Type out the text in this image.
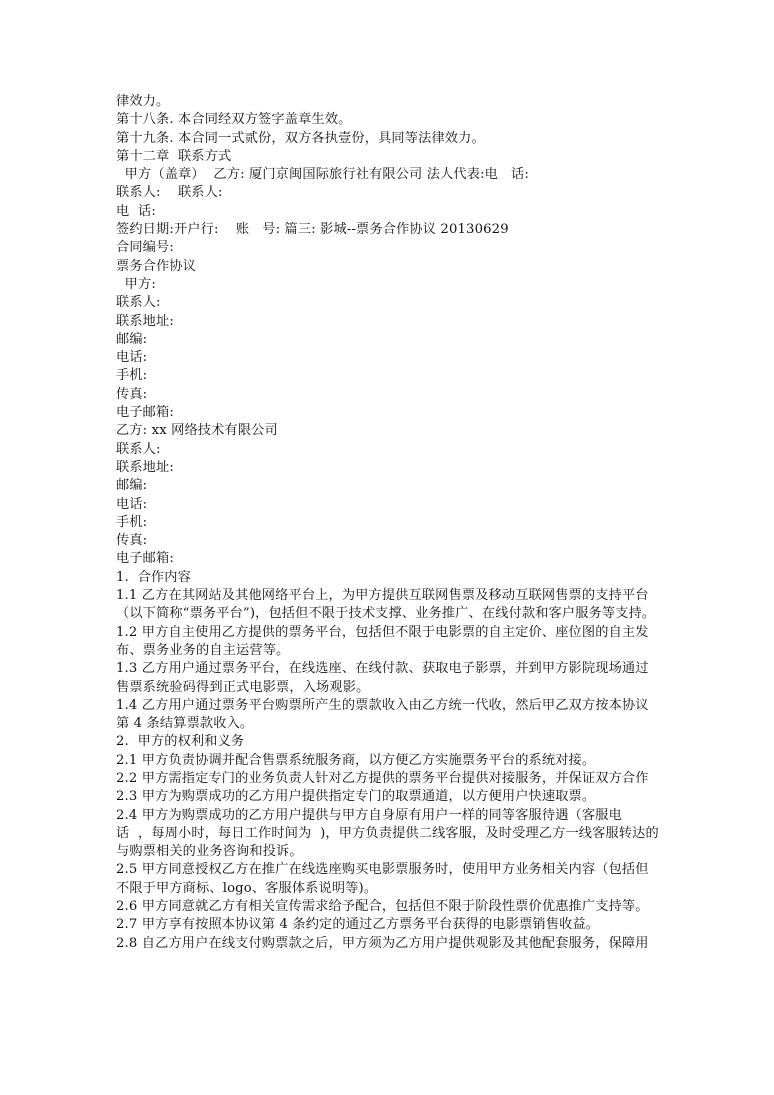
律效力。
第十八条. 本合同经双方签字盖章生效。
第十九条. 本合同一式贰份，双方各执壹份，具同等法律效力。
第十二章  联系方式
甲方（盖章）  乙方: 厦门京闽国际旅行社有限公司 法人代表:电   话:
联系人:    联系人:
电  话:
签约日期:开户行:    账   号: 篇三: 影城--票务合作协议 20130629
合同编号:
票务合作协议
甲方:
联系人:
联系地址:
邮编:
电话:
手机:
传真:
电子邮箱:
乙方: xx 网络技术有限公司
联系人:
联系地址:
邮编:
电话:
手机:
传真:
电子邮箱:
1.  合作内容
1.1 乙方在其网站及其他网络平台上，为甲方提供互联网售票及移动互联网售票的支持平台
（以下简称“票务平台”)，包括但不限于技术支撑、业务推广、在线付款和客户服务等支持。
1.2 甲方自主使用乙方提供的票务平台，包括但不限于电影票的自主定价、座位图的自主发
布、票务业务的自主运营等。
1.3 乙方用户通过票务平台，在线选座、在线付款、获取电子影票，并到甲方影院现场通过
售票系统验码得到正式电影票，入场观影。
1.4 乙方用户通过票务平台购票所产生的票款收入由乙方统一代收，然后甲乙双方按本协议
第 4 条结算票款收入。
2.  甲方的权利和义务
2.1 甲方负责协调并配合售票系统服务商，以方便乙方实施票务平台的系统对接。
2.2 甲方需指定专门的业务负责人针对乙方提供的票务平台提供对接服务，并保证双方合作
2.3 甲方为购票成功的乙方用户提供指定专门的取票通道，以方便用户快速取票。
2.4 甲方为购票成功的乙方用户提供与甲方自身原有用户一样的同等客服待遇（客服电
话  ，每周小时，每日工作时间为  )，甲方负责提供二线客服，及时受理乙方一线客服转达的
与购票相关的业务咨询和投诉。
2.5 甲方同意授权乙方在推广在线选座购买电影票服务时，使用甲方业务相关内容（包括但
不限于甲方商标、logo、客服体系说明等)。
2.6 甲方同意就乙方有相关宣传需求给予配合，包括但不限于阶段性票价优惠推广支持等。
2.7 甲方享有按照本协议第 4 条约定的通过乙方票务平台获得的电影票销售收益。
2.8 自乙方用户在线支付购票款之后，甲方须为乙方用户提供观影及其他配套服务，保障用
